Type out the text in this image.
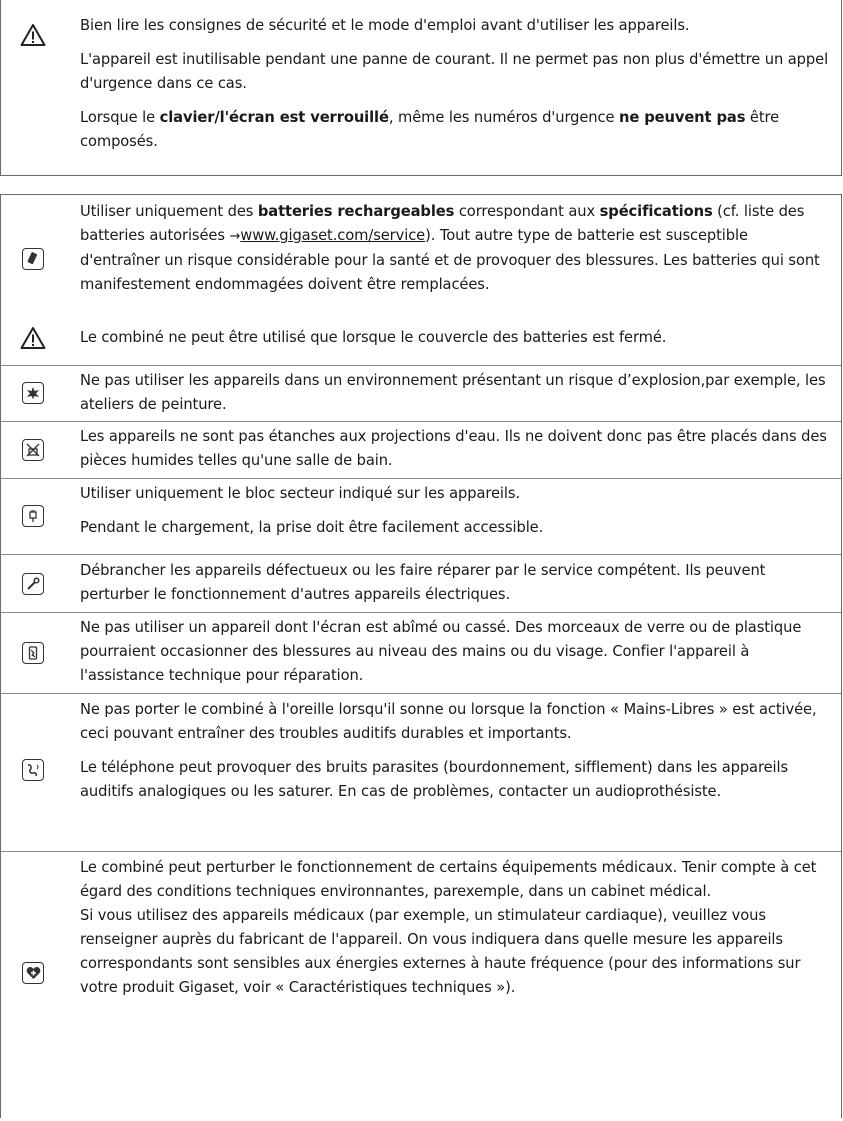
Bien lire les consignes de sécurité et le mode d'emploi avant d'utiliser les appareils.

L'appareil est inutilisable pendant une panne de courant. Il ne permet pas non plus d'émettre un appel d'urgence dans ce cas.

Lorsque le clavier/l'écran est verrouillé, même les numéros d'urgence ne peuvent pas être composés.

Utiliser uniquement des batteries rechargeables correspondant aux spécifications (cf. liste des batteries autorisées →www.gigaset.com/service). Tout autre type de batterie est susceptible d'entraîner un risque considérable pour la santé et de provoquer des blessures. Les batteries qui sont manifestement endommagées doivent être remplacées.

Le combiné ne peut être utilisé que lorsque le couvercle des batteries est fermé.
Ne pas utiliser les appareils dans un environnement présentant un risque d’explosion,par exemple, les ateliers de peinture.
Les appareils ne sont pas étanches aux projections d'eau. Ils ne doivent donc pas être placés dans des pièces humides telles qu'une salle de bain.

Utiliser uniquement le bloc secteur indiqué sur les appareils.

Pendant le chargement, la prise doit être facilement accessible.

Débrancher les appareils défectueux ou les faire réparer par le service compétent. Ils peuvent perturber le fonctionnement d'autres appareils électriques.
Ne pas utiliser un appareil dont l'écran est abîmé ou cassé. Des morceaux de verre ou de plastique pourraient occasionner des blessures au niveau des mains ou du visage. Confier l'appareil à l'assistance technique pour réparation.

Ne pas porter le combiné à l'oreille lorsqu'il sonne ou lorsque la fonction « Mains-Libres » est activée, ceci pouvant entraîner des troubles auditifs durables et importants.

Le téléphone peut provoquer des bruits parasites (bourdonnement, sifflement) dans les appareils auditifs analogiques ou les saturer. En cas de problèmes, contacter un audioprothésiste.

Le combiné peut perturber le fonctionnement de certains équipements médicaux. Tenir compte à cet égard des conditions techniques environnantes, parexemple, dans un cabinet médical.

Si vous utilisez des appareils médicaux (par exemple, un stimulateur cardiaque), veuillez vous renseigner auprès du fabricant de l'appareil. On vous indiquera dans quelle mesure les appareils correspondants sont sensibles aux énergies externes à haute fréquence (pour des informations sur votre produit Gigaset, voir « Caractéristiques techniques »).
